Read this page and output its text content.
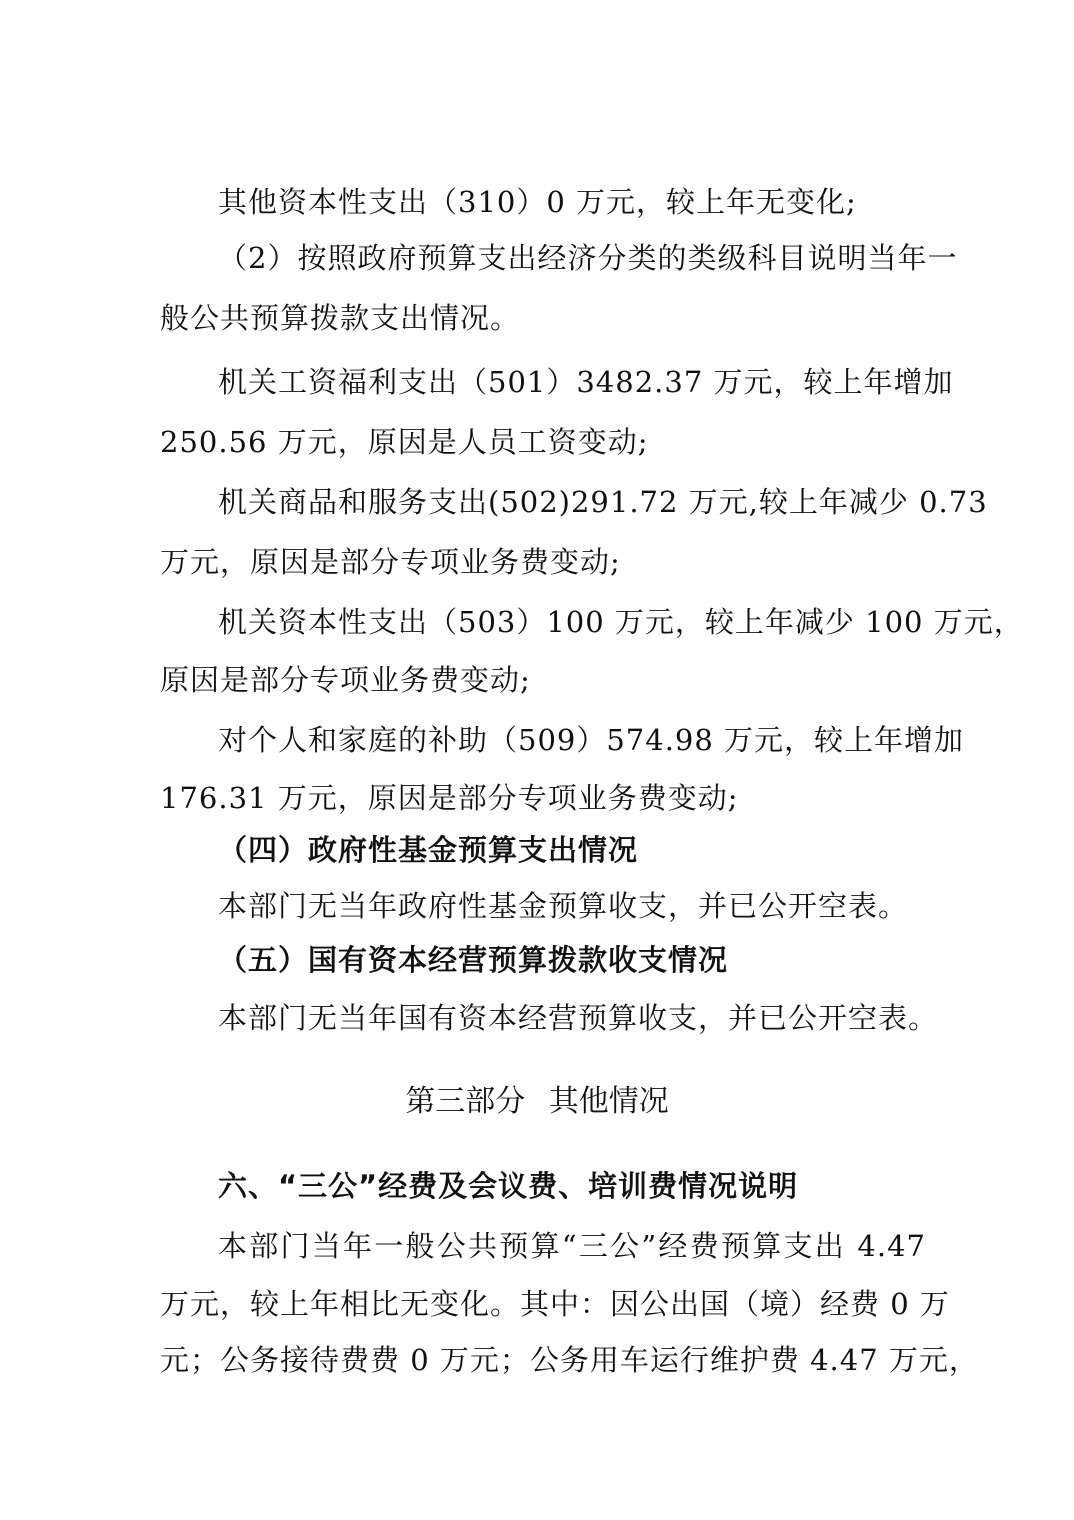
其他资本性支出（310）0 万元，较上年无变化;
（2）按照政府预算支出经济分类的类级科目说明当年一
般公共预算拨款支出情况。
机关工资福利支出（501）3482.37 万元，较上年增加
250.56 万元，原因是人员工资变动;
机关商品和服务支出(502)291.72 万元,较上年减少 0.73
万元，原因是部分专项业务费变动;
机关资本性支出（503）100 万元，较上年减少 100 万元，
原因是部分专项业务费变动;
对个人和家庭的补助（509）574.98 万元，较上年增加
176.31 万元，原因是部分专项业务费变动;
（四）政府性基金预算支出情况
本部门无当年政府性基金预算收支，并已公开空表。
（五）国有资本经营预算拨款收支情况
本部门无当年国有资本经营预算收支，并已公开空表。
第三部分 其他情况
六、“三公”经费及会议费、培训费情况说明
本部门当年一般公共预算“三公”经费预算支出 4.47
万元，较上年相比无变化。其中：因公出国（境）经费 0 万
元；公务接待费费 0 万元；公务用车运行维护费 4.47 万元，
